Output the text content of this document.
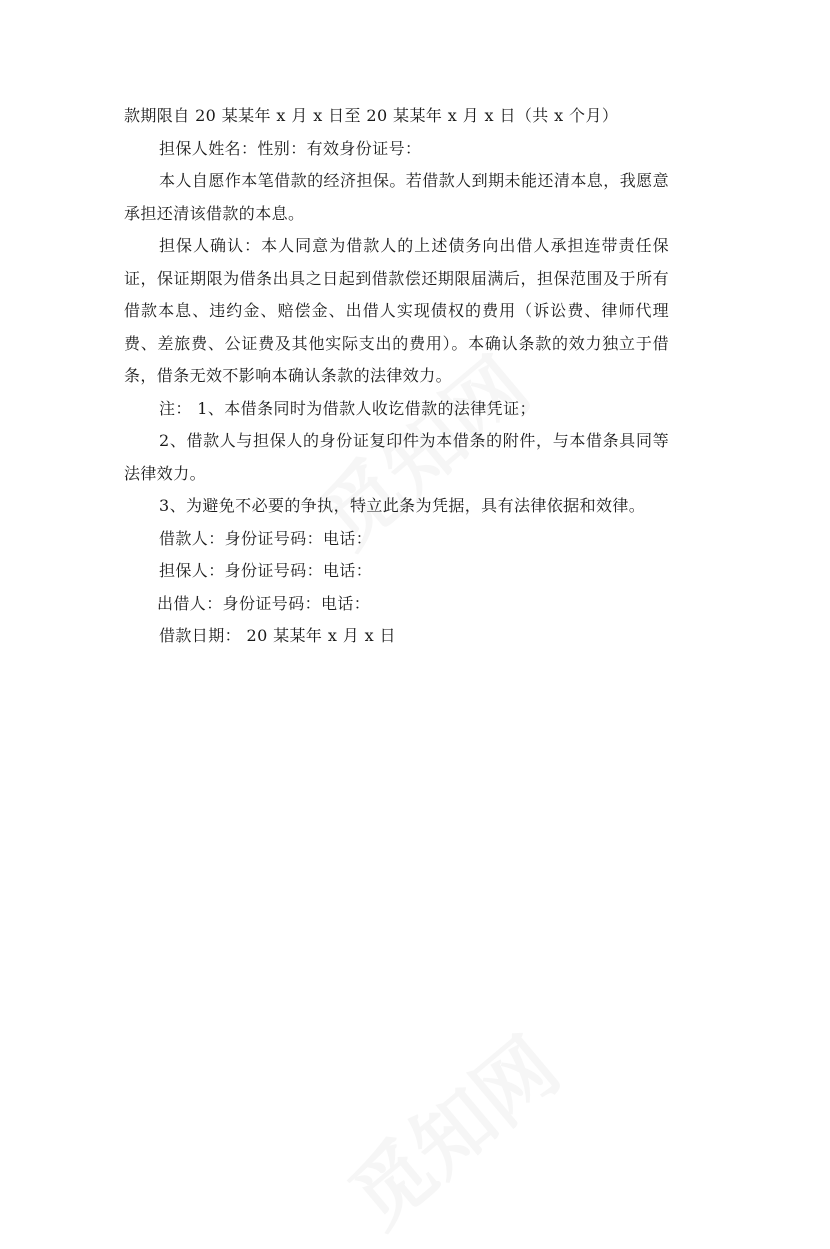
款期限自 20 某某年 x 月 x 日至 20 某某年 x 月 x 日（共 x 个月）

担保人姓名：性别：有效身份证号：

本人自愿作本笔借款的经济担保。若借款人到期未能还清本息，我愿意承担还清该借款的本息。

担保人确认：本人同意为借款人的上述债务向出借人承担连带责任保证，保证期限为借条出具之日起到借款偿还期限届满后，担保范围及于所有借款本息、违约金、赔偿金、出借人实现债权的费用（诉讼费、律师代理费、差旅费、公证费及其他实际支出的费用）。本确认条款的效力独立于借条，借条无效不影响本确认条款的法律效力。

注： 1、本借条同时为借款人收讫借款的法律凭证；

2、借款人与担保人的身份证复印件为本借条的附件，与本借条具同等法律效力。

3、为避免不必要的争执，特立此条为凭据，具有法律依据和效律。

借款人：身份证号码：电话：

担保人：身份证号码：电话：

出借人：身份证号码：电话：

借款日期： 20 某某年 x 月 x 日
